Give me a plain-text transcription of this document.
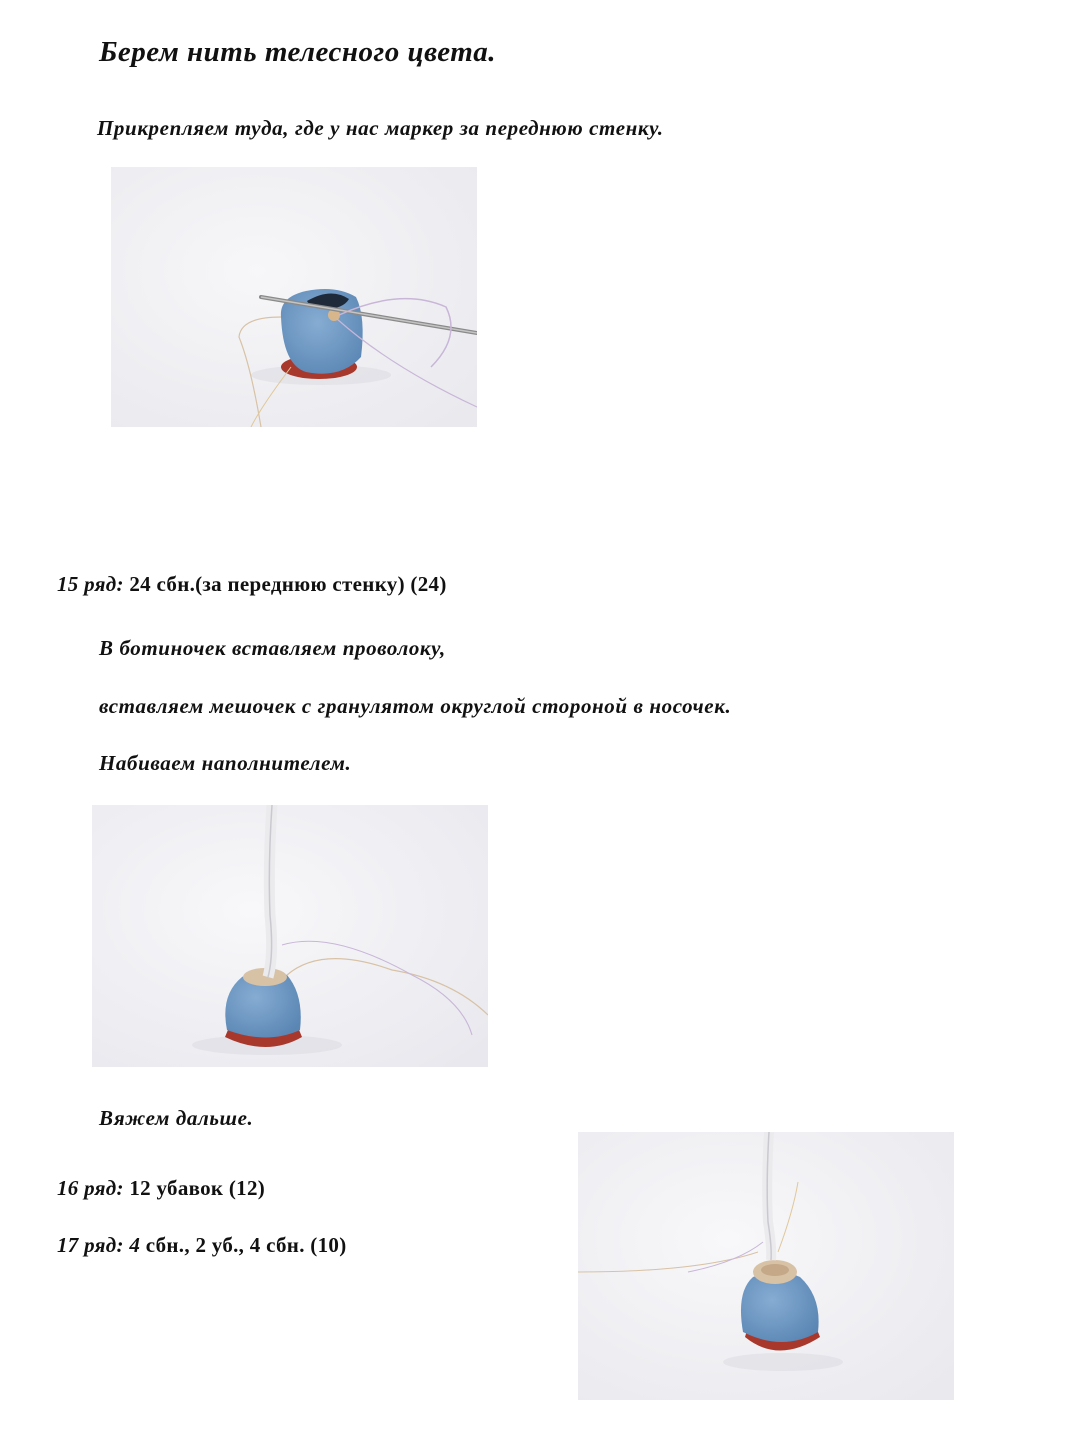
Берем нить телесного цвета.

Прикрепляем туда, где у нас маркер за переднюю стенку.

15 ряд: 24 сбн.(за переднюю стенку) (24)

В ботиночек вставляем проволоку,

вставляем мешочек с гранулятом округлой стороной в носочек.

Набиваем наполнителем.

Вяжем дальше.

16 ряд: 12 убавок (12)

17 ряд: 4 сбн., 2 уб., 4 сбн. (10)
